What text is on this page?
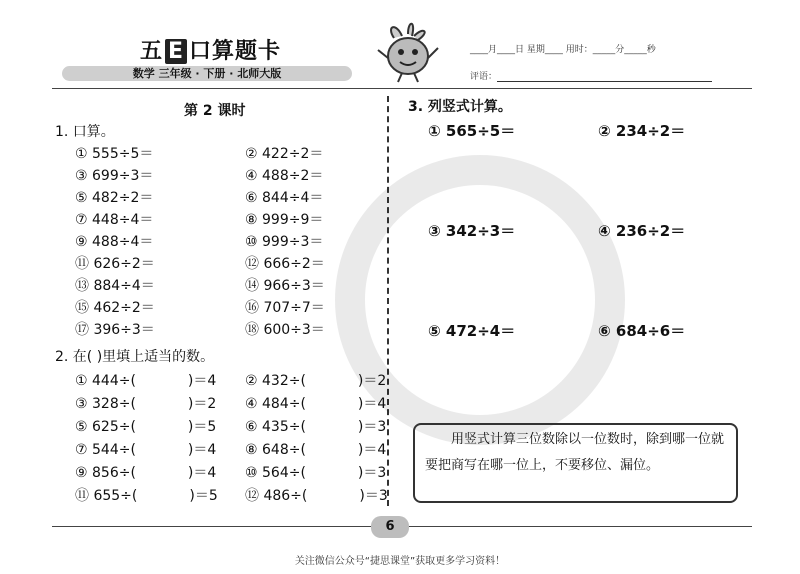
五 E 口算题卡
数学 三年级 · 下册 · 北师大版
____月____日 星期____ 用时：_____分_____秒
评语：
第 2 课时
1. 口算。
① 555÷5＝	② 422÷2＝
③ 699÷3＝	④ 488÷2＝
⑤ 482÷2＝	⑥ 844÷4＝
⑦ 448÷4＝	⑧ 999÷9＝
⑨ 488÷4＝	⑩ 999÷3＝
⑪ 626÷2＝	⑫ 666÷2＝
⑬ 884÷4＝	⑭ 966÷3＝
⑮ 462÷2＝	⑯ 707÷7＝
⑰ 396÷3＝	⑱ 600÷3＝
2. 在( )里填上适当的数。
① 444÷(	)＝4 ② 432÷(	)＝2
③ 328÷(	)＝2 ④ 484÷(	)＝4
⑤ 625÷(	)＝5 ⑥ 435÷(	)＝3
⑦ 544÷(	)＝4 ⑧ 648÷(	)＝4
⑨ 856÷(	)＝4 ⑩ 564÷(	)＝3
⑪ 655÷(	)＝5 ⑫ 486÷(	)＝3
3. 列竖式计算。
① 565÷5＝	② 234÷2＝
③ 342÷3＝	④ 236÷2＝
⑤ 472÷4＝	⑥ 684÷6＝
用竖式计算三位数除以一位数时，除到哪一位就要把商写在哪一位上，不要移位、漏位。
6
关注微信公众号“捷思课堂”获取更多学习资料！
